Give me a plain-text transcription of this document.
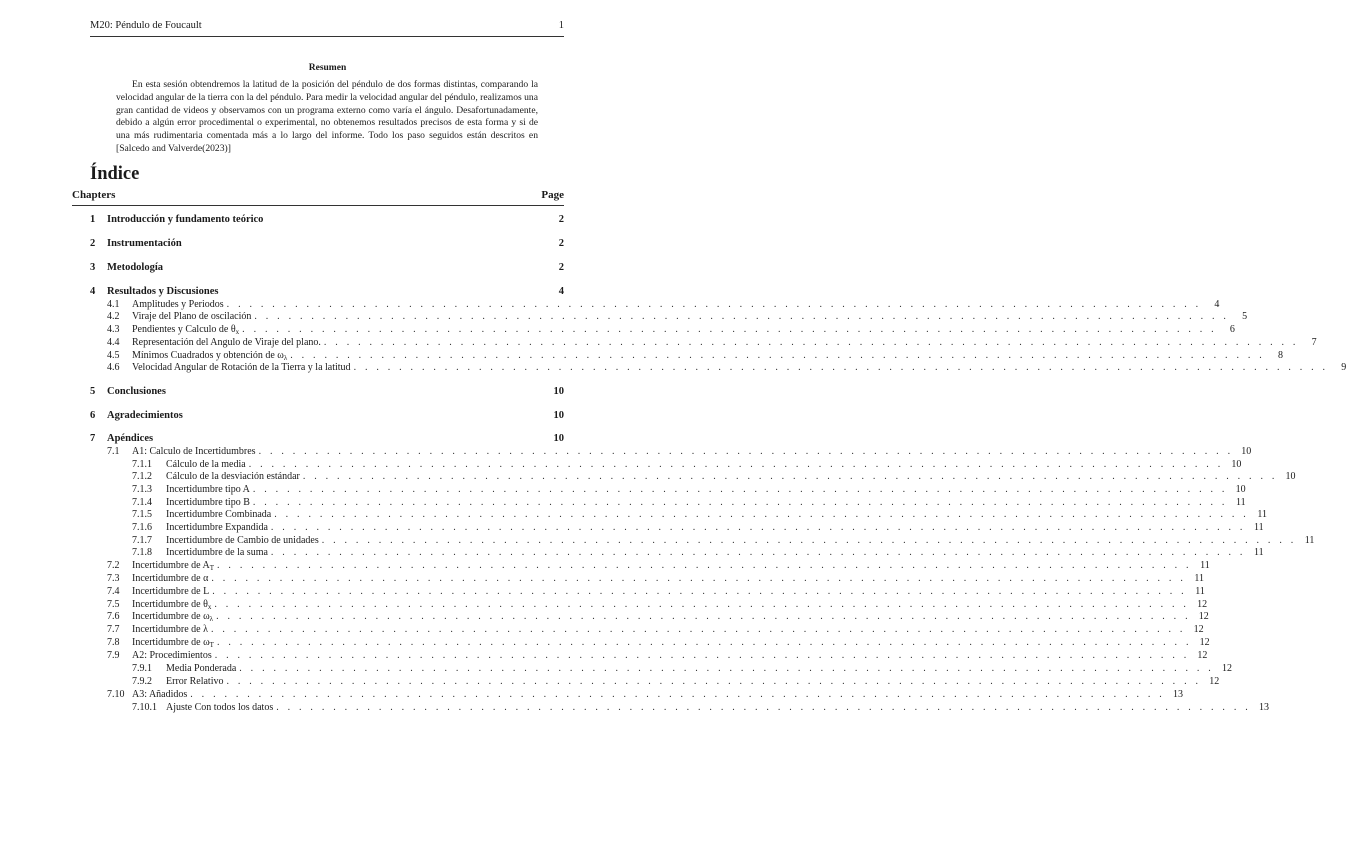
M20: Péndulo de Foucault	1
Resumen
En esta sesión obtendremos la latitud de la posición del péndulo de dos formas distintas, comparando la velocidad angular de la tierra con la del péndulo. Para medir la velocidad angular del péndulo, realizamos una gran cantidad de videos y observamos con un programa externo como varía el ángulo. Desafortunadamente, debido a algún error procedimental o experimental, no obtenemos resultados precisos de esta forma y si de una más rudimentaria comentada más a lo largo del informe. Todo los paso seguidos están descritos en [Salcedo and Valverde(2023)]
Índice
Chapters	Page
1	Introducción y fundamento teórico	2
2	Instrumentación	2
3	Metodología	2
4	Resultados y Discusiones	4
4.1	Amplitudes y Periodos . . . . . . . . . . . . . . . . . . . . . . . . . . . . . . . . . . . . . . . . . . . . . . . . . . . . . . . . . . . . . . . . . . . . . . . . . . . . . . . . . . . . . .	4
4.2	Viraje del Plano de oscilación . . . . . . . . . . . . . . . . . . . . . . . . . . . . . . . . . . . . . . . . . . . . . . . . . . . . . . . . . . . . . . . . . . . . . . . . . . . . . . . . . . . . . .	5
4.3	Pendientes y Calculo de $\theta_x$ . . . . . . . . . . . . . . . . . . . . . . . . . . . . . . . . . . . . . . . . . . . . . . . . . . . . . . . . . . . . . . . . . . . . . . . . . . . . . . . . . . . . . .	6
4.4	Representación del Angulo de Viraje del plano. . . . . . . . . . . . . . . . . . . . . . . . . . . . . . . . . . . . . . . . . . . . . . . . . . . . . . . . . . . . . . . . . . . . . . . . . . . . . . . . . . . . . . .	7
4.5	Mínimos Cuadrados y obtención de $\omega_\lambda$ . . . . . . . . . . . . . . . . . . . . . . . . . . . . . . . . . . . . . . . . . . . . . . . . . . . . . . . . . . . . . . . . . . . . . . . . . . . . . . . . . . . . . .	8
4.6	Velocidad Angular de Rotación de la Tierra y la latitud . . . . . . . . . . . . . . . . . . . . . . . . . . . . . . . . . . . . . . . . . . . . . . . . . . . . . . . . . . . . . . . . . . . . . . . . . . . . . . . . . . . . . .	9
5	Conclusiones	10
6	Agradecimientos	10
7	Apéndices	10
7.1	A1: Calculo de Incertidumbres . . . . . . . . . . . . . . . . . . . . . . . . . . . . . . . . . . . . . . . . . . . . . . . . . . . . . . . . . . . . . . . . . . . . . . . . . . . . . . . . . . . . . . 10
7.1.1	Cálculo de la media . . . . . . . . . . . . . . . . . . . . . . . . . . . . . . . . . . . . . . . . . . . . . . . . . . . . . . . . . . . . . . . . . . . . . . . . . . . . . . . . . . . . . . 10
7.1.2	Cálculo de la desviación estándar . . . . . . . . . . . . . . . . . . . . . . . . . . . . . . . . . . . . . . . . . . . . . . . . . . . . . . . . . . . . . . . . . . . . . . . . . . . . . . . . . . . . . . 10
7.1.3	Incertidumbre tipo A . . . . . . . . . . . . . . . . . . . . . . . . . . . . . . . . . . . . . . . . . . . . . . . . . . . . . . . . . . . . . . . . . . . . . . . . . . . . . . . . . . . . . . 10
7.1.4	Incertidumbre tipo B . . . . . . . . . . . . . . . . . . . . . . . . . . . . . . . . . . . . . . . . . . . . . . . . . . . . . . . . . . . . . . . . . . . . . . . . . . . . . . . . . . . . . . 11
7.1.5	Incertidumbre Combinada . . . . . . . . . . . . . . . . . . . . . . . . . . . . . . . . . . . . . . . . . . . . . . . . . . . . . . . . . . . . . . . . . . . . . . . . . . . . . . . . . . . . . . 11
7.1.6	Incertidumbre Expandida . . . . . . . . . . . . . . . . . . . . . . . . . . . . . . . . . . . . . . . . . . . . . . . . . . . . . . . . . . . . . . . . . . . . . . . . . . . . . . . . . . . . . . 11
7.1.7	Incertidumbre de Cambio de unidades . . . . . . . . . . . . . . . . . . . . . . . . . . . . . . . . . . . . . . . . . . . . . . . . . . . . . . . . . . . . . . . . . . . . . . . . . . . . . . . . . . . . . . 11
7.1.8	Incertidumbre de la suma . . . . . . . . . . . . . . . . . . . . . . . . . . . . . . . . . . . . . . . . . . . . . . . . . . . . . . . . . . . . . . . . . . . . . . . . . . . . . . . . . . . . . . 11
7.2	Incertidumbre de $A_T$ . . . . . . . . . . . . . . . . . . . . . . . . . . . . . . . . . . . . . . . . . . . . . . . . . . . . . . . . . . . . . . . . . . . . . . . . . . . . . . . . . . . . . . 11
7.3	Incertidumbre de α . . . . . . . . . . . . . . . . . . . . . . . . . . . . . . . . . . . . . . . . . . . . . . . . . . . . . . . . . . . . . . . . . . . . . . . . . . . . . . . . . . . . . . 11
7.4	Incertidumbre de L . . . . . . . . . . . . . . . . . . . . . . . . . . . . . . . . . . . . . . . . . . . . . . . . . . . . . . . . . . . . . . . . . . . . . . . . . . . . . . . . . . . . . . 11
7.5	Incertidumbre de $\theta_x$ . . . . . . . . . . . . . . . . . . . . . . . . . . . . . . . . . . . . . . . . . . . . . . . . . . . . . . . . . . . . . . . . . . . . . . . . . . . . . . . . . . . . . . 12
7.6	Incertidumbre de $\omega_\lambda$ . . . . . . . . . . . . . . . . . . . . . . . . . . . . . . . . . . . . . . . . . . . . . . . . . . . . . . . . . . . . . . . . . . . . . . . . . . . . . . . . . . . . . . 12
7.7	Incertidumbre de λ . . . . . . . . . . . . . . . . . . . . . . . . . . . . . . . . . . . . . . . . . . . . . . . . . . . . . . . . . . . . . . . . . . . . . . . . . . . . . . . . . . . . . . 12
7.8	Incertidumbre de $\omega_T$ . . . . . . . . . . . . . . . . . . . . . . . . . . . . . . . . . . . . . . . . . . . . . . . . . . . . . . . . . . . . . . . . . . . . . . . . . . . . . . . . . . . . . . 12
7.9	A2: Procedimientos . . . . . . . . . . . . . . . . . . . . . . . . . . . . . . . . . . . . . . . . . . . . . . . . . . . . . . . . . . . . . . . . . . . . . . . . . . . . . . . . . . . . . . 12
7.9.1	Media Ponderada . . . . . . . . . . . . . . . . . . . . . . . . . . . . . . . . . . . . . . . . . . . . . . . . . . . . . . . . . . . . . . . . . . . . . . . . . . . . . . . . . . . . . . 12
7.9.2	Error Relativo . . . . . . . . . . . . . . . . . . . . . . . . . . . . . . . . . . . . . . . . . . . . . . . . . . . . . . . . . . . . . . . . . . . . . . . . . . . . . . . . . . . . . . 12
7.10 A3: Añadidos . . . . . . . . . . . . . . . . . . . . . . . . . . . . . . . . . . . . . . . . . . . . . . . . . . . . . . . . . . . . . . . . . . . . . . . . . . . . . . . . . . . . . . 13
7.10.1 Ajuste Con todos los datos . . . . . . . . . . . . . . . . . . . . . . . . . . . . . . . . . . . . . . . . . . . . . . . . . . . . . . . . . . . . . . . . . . . . . . . . . . . . . . . . . . . . . . 13
